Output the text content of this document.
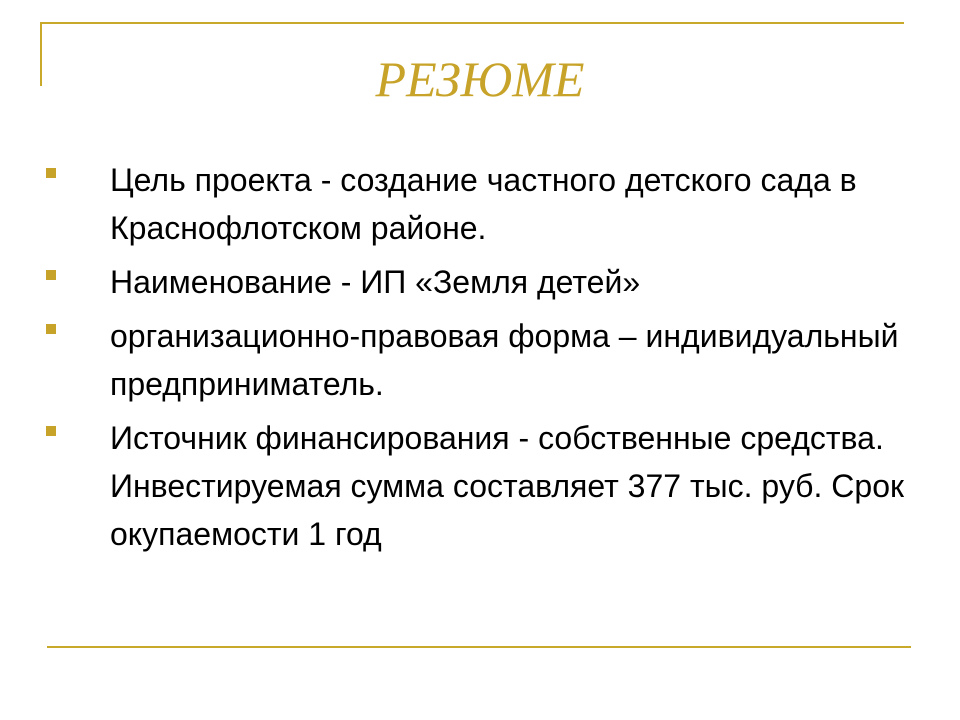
РЕЗЮМЕ
Цель проекта - создание частного детского сада в Краснофлотском районе.
Наименование - ИП «Земля детей»
организационно-правовая форма – индивидуальный предприниматель.
Источник финансирования - собственные средства. Инвестируемая сумма составляет 377 тыс. руб. Срок окупаемости 1 год
